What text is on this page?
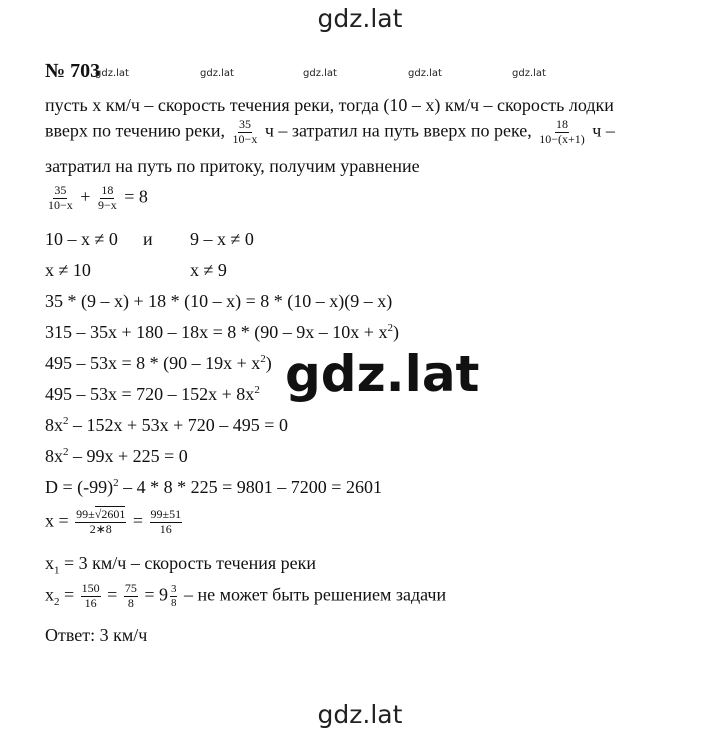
gdz.lat
gdz.lat
gdz.lat
№ 703
gdz.lat	gdz.lat	gdz.lat	gdz.lat	gdz.lat
пусть х км/ч – скорость течения реки, тогда (10 – х) км/ч – скорость лодки
вверх по течению реки, $\frac{35}{10-x}$ ч – затратил на путь вверх по реке, $\frac{18}{10-(x+1)}$ ч –
затратил на путь по притоку, получим уравнение
$\frac{35}{10-x} + \frac{18}{9-x} = 8$
10 – х ≠ 0 и 9 – х ≠ 0
х ≠ 10	х ≠ 9
35 * (9 – х) + 18 * (10 – х) = 8 * (10 – х)(9 – х)
$315 - 35х + 180 - 18х = 8 * (90 - 9х - 10х + х^2)$
$495 - 53х = 8 * (90 - 19х + х^2)$
$495 - 53х = 720 - 152х + 8х^2$
$8х^2 - 152х + 53х + 720 - 495 = 0$
$8х^2 - 99х + 225 = 0$
$D = (-99)^2 - 4 * 8 * 225 = 9801 - 7200 = 2601$
$х = \frac{99\pm√2601}{2∗8} = \frac{99\pm 51}{16}$
$х_1 = 3$ км/ч – скорость течения реки
$х_2 = \frac{150}{16} = \frac{75}{8} = 9 \frac{3}{8}$ – не может быть решением задачи
Ответ: 3 км/ч
